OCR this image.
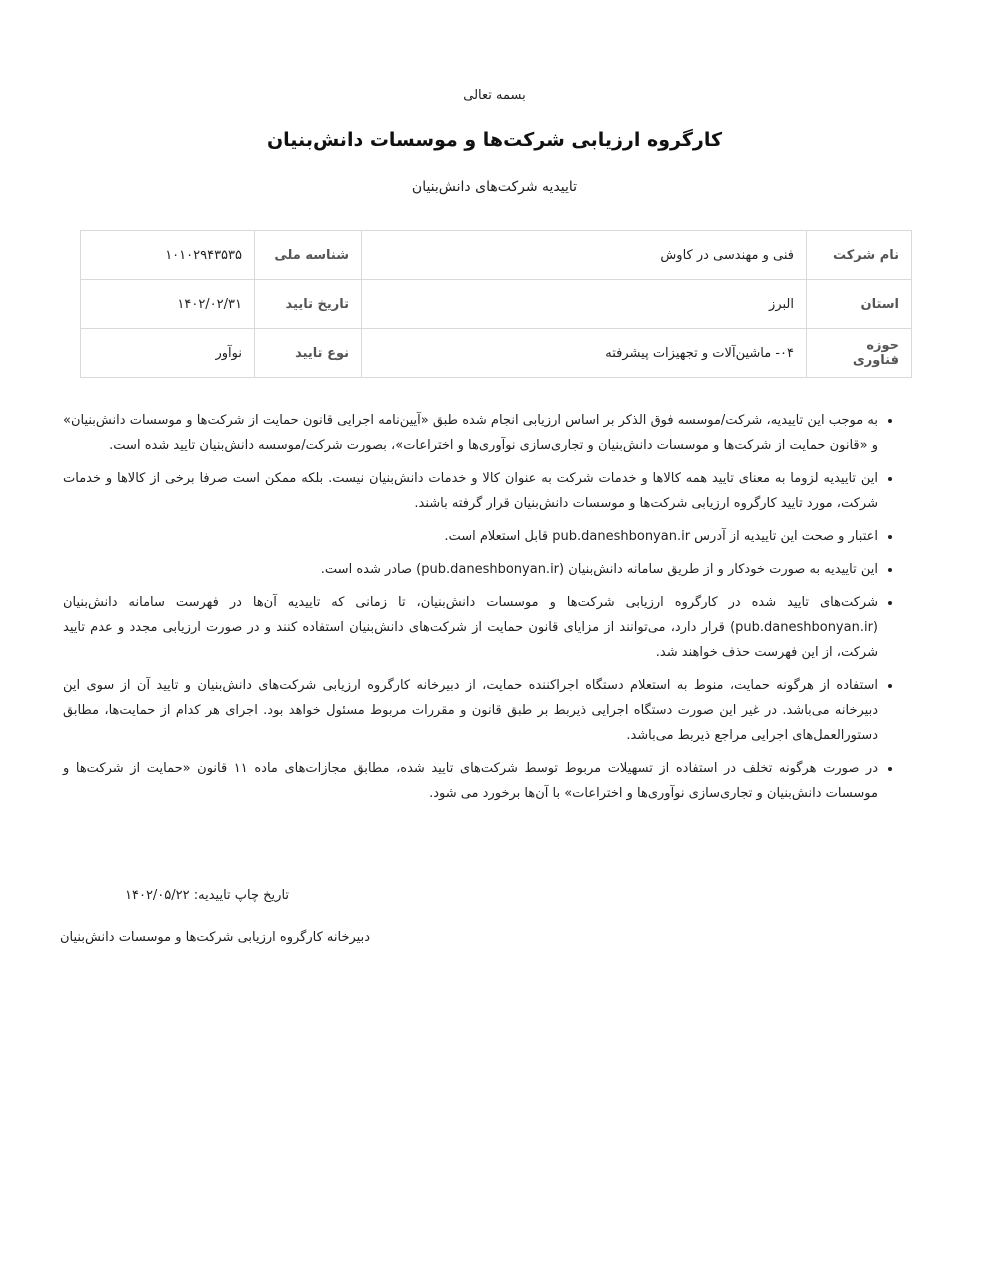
بسمه تعالی
کارگروه ارزیابی شرکت‌ها و موسسات دانش‌بنیان
تاییدیه شرکت‌های دانش‌بنیان
نام شرکت	فنی و مهندسی در کاوش	شناسه ملی	۱۰۱۰۲۹۴۳۵۳۵
استان	البرز	تاریخ تایید	۱۴۰۲/۰۲/۳۱
حوزه فناوری	۰۴- ماشین‌آلات و تجهیزات پیشرفته	نوع تایید	نوآور
• به موجب این تاییدیه، شرکت/موسسه فوق الذکر بر اساس ارزیابی انجام شده طبق «آیین‌نامه اجرایی قانون حمایت از شرکت‌ها و موسسات دانش‌بنیان» و «قانون حمایت از شرکت‌ها و موسسات دانش‌بنیان و تجاری‌سازی نوآوری‌ها و اختراعات»، بصورت شرکت/موسسه دانش‌بنیان تایید شده است.
• این تاییدیه لزوما به معنای تایید همه کالاها و خدمات شرکت به عنوان کالا و خدمات دانش‌بنیان نیست. بلکه ممکن است صرفا برخی از کالاها و خدمات شرکت، مورد تایید کارگروه ارزیابی شرکت‌ها و موسسات دانش‌بنیان قرار گرفته باشند.
• اعتبار و صحت این تاییدیه از آدرس pub.daneshbonyan.ir قابل استعلام است.
• این تاییدیه به صورت خودکار و از طریق سامانه دانش‌بنیان (pub.daneshbonyan.ir) صادر شده است.
• شرکت‌های تایید شده در کارگروه ارزیابی شرکت‌ها و موسسات دانش‌بنیان، تا زمانی که تاییدیه آن‌ها در فهرست سامانه دانش‌بنیان (pub.daneshbonyan.ir) قرار دارد، می‌توانند از مزایای قانون حمایت از شرکت‌های دانش‌بنیان استفاده کنند و در صورت ارزیابی مجدد و عدم تایید شرکت، از این فهرست حذف خواهند شد.
• استفاده از هرگونه حمایت، منوط به استعلام دستگاه اجراکننده حمایت، از دبیرخانه کارگروه ارزیابی شرکت‌های دانش‌بنیان و تایید آن از سوی این دبیرخانه می‌باشد. در غیر این صورت دستگاه اجرایی ذیربط بر طبق قانون و مقررات مربوط مسئول خواهد بود. اجرای هر کدام از حمایت‌ها، مطابق دستورالعمل‌های اجرایی مراجع ذیربط می‌باشد.
• در صورت هرگونه تخلف در استفاده از تسهیلات مربوط توسط شرکت‌های تایید شده، مطابق مجازات‌های ماده ۱۱ قانون «حمایت از شرکت‌ها و موسسات دانش‌بنیان و تجاری‌سازی نوآوری‌ها و اختراعات» با آن‌ها برخورد می شود.
تاریخ چاپ تاییدیه: ۱۴۰۲/۰۵/۲۲
دبیرخانه کارگروه ارزیابی شرکت‌ها و موسسات دانش‌بنیان
